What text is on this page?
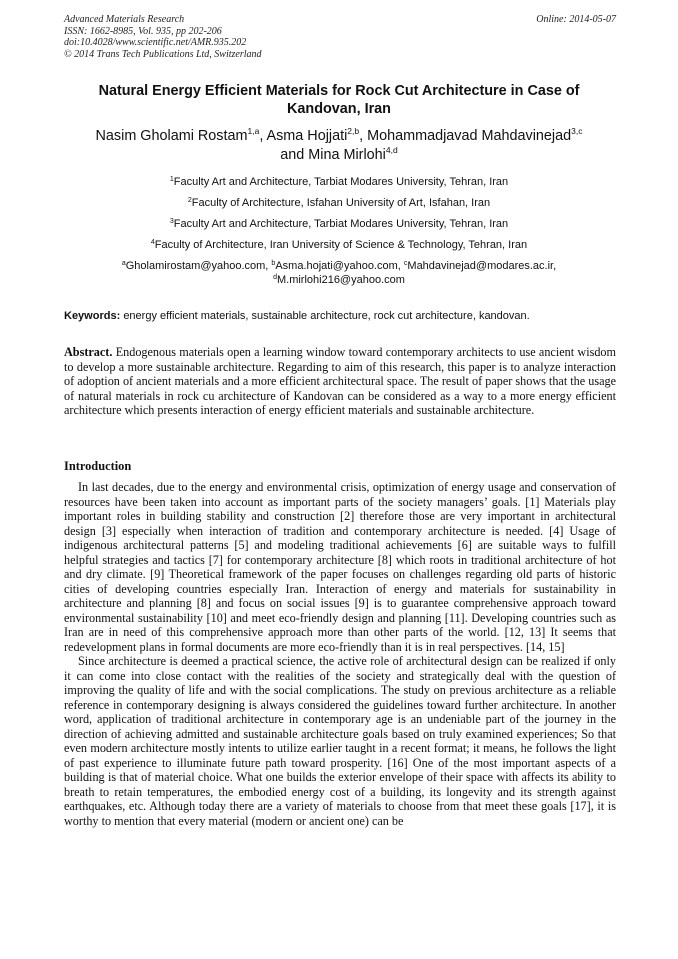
Advanced Materials Research
ISSN: 1662-8985, Vol. 935, pp 202-206
doi:10.4028/www.scientific.net/AMR.935.202
© 2014 Trans Tech Publications Ltd, Switzerland
Online: 2014-05-07
Natural Energy Efficient Materials for Rock Cut Architecture in Case of
Kandovan, Iran
Nasim Gholami Rostam$^{1,a}$, Asma Hojjati$^{2,b}$, Mohammadjavad Mahdavinejad$^{3,c}$
and Mina Mirlohi$^{4,d}$
$^1$Faculty Art and Architecture, Tarbiat Modares University, Tehran, Iran
$^2$Faculty of Architecture, Isfahan University of Art, Isfahan, Iran
$^3$Faculty Art and Architecture, Tarbiat Modares University, Tehran, Iran
$^4$Faculty of Architecture, Iran University of Science & Technology, Tehran, Iran
$^a$Gholamirostam@yahoo.com, $^b$Asma.hojati@yahoo.com, $^c$Mahdavinejad@modares.ac.ir,
$^d$M.mirlohi216@yahoo.com
Keywords: energy efficient materials, sustainable architecture, rock cut architecture, kandovan.
Abstract. Endogenous materials open a learning window toward contemporary architects to use ancient wisdom to develop a more sustainable architecture. Regarding to aim of this research, this paper is to analyze interaction of adoption of ancient materials and a more efficient architectural space. The result of paper shows that the usage of natural materials in rock cu architecture of Kandovan can be considered as a way to a more energy efficient architecture which presents interaction of energy efficient materials and sustainable architecture.
Introduction

In last decades, due to the energy and environmental crisis, optimization of energy usage and conservation of resources have been taken into account as important parts of the society managers’ goals. [1] Materials play important roles in building stability and construction [2] therefore those are very important in architectural design [3] especially when interaction of tradition and contemporary architecture is needed. [4] Usage of indigenous architectural patterns [5] and modeling traditional achievements [6] are suitable ways to fulfill helpful strategies and tactics [7] for contemporary architecture [8] which roots in traditional architecture of hot and dry climate. [9] Theoretical framework of the paper focuses on challenges regarding old parts of historic cities of developing countries especially Iran. Interaction of energy and materials for sustainability in architecture and planning [8] and focus on social issues [9] is to guarantee comprehensive approach toward environmental sustainability [10] and meet eco-friendly design and planning [11]. Developing countries such as Iran are in need of this comprehensive approach more than other parts of the world. [12, 13] It seems that redevelopment plans in formal documents are more eco-friendly than it is in real perspectives. [14, 15]

Since architecture is deemed a practical science, the active role of architectural design can be realized if only it can come into close contact with the realities of the society and strategically deal with the question of improving the quality of life and with the social complications. The study on previous architecture as a reliable reference in contemporary designing is always considered the guidelines toward further architecture. In another word, application of traditional architecture in contemporary age is an undeniable part of the journey in the direction of achieving admitted and sustainable architecture goals based on truly examined experiences; So that even modern architecture mostly intents to utilize earlier taught in a recent format; it means, he follows the light of past experience to illuminate future path toward prosperity. [16] One of the most important aspects of a building is that of material choice. What one builds the exterior envelope of their space with affects its ability to breath to retain temperatures, the embodied energy cost of a building, its longevity and its strength against earthquakes, etc. Although today there are a variety of materials to choose from that meet these goals [17], it is worthy to mention that every material (modern or ancient one) can be
